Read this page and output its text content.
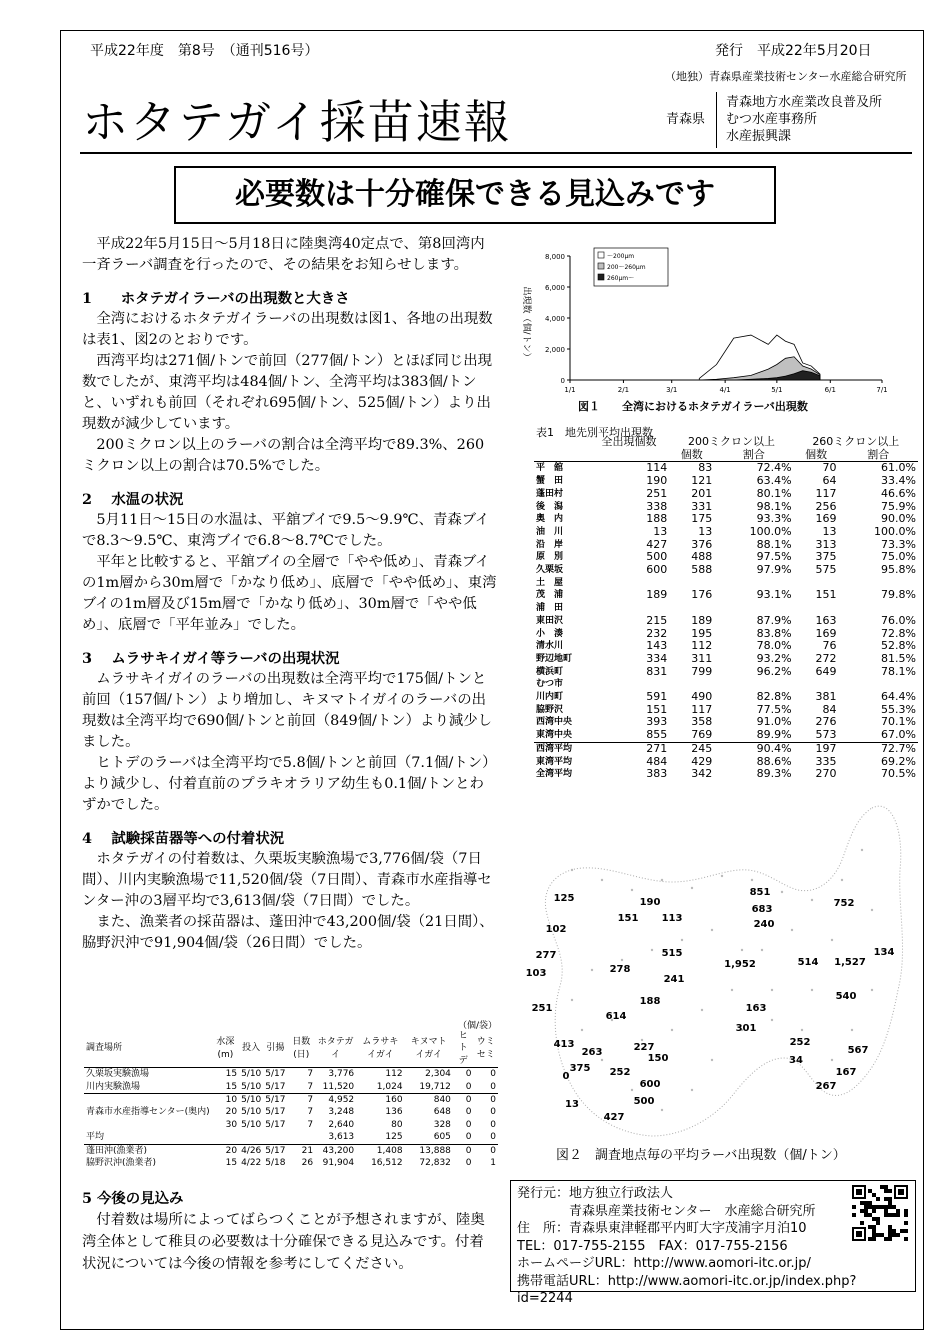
平成22年度　第8号　（通刊516号）	発行　平成22年5月20日
（地独）青森県産業技術センター水産総合研究所
ホタテガイ採苗速報	青森県
青森地方水産業改良普及所
むつ水産事務所
水産振興課
必要数は十分確保できる見込みです

平成22年5月15日～5月18日に陸奥湾40定点で、第8回湾内一斉ラーバ調査を行ったので、その結果をお知らせします。

1　　ホタテガイラーバの出現数と大きさ

全湾におけるホタテガイラーバの出現数は図1、各地の出現数は表1、図2のとおりです。

西湾平均は271個/トンで前回（277個/トン）とほぼ同じ出現数でしたが、東湾平均は484個/トン、全湾平均は383個/トンと、いずれも前回（それぞれ695個/トン、525個/トン）より出現数が減少しています。

200ミクロン以上のラーバの割合は全湾平均で89.3%、260ミクロン以上の割合は70.5%でした。

2　 水温の状況

5月11日～15日の水温は、平舘ブイで9.5～9.9℃、青森ブイで8.3～9.5℃、東湾ブイで6.8～8.7℃でした。

平年と比較すると、平舘ブイの全層で「やや低め」、青森ブイの1m層から30m層で「かなり低め」、底層で「やや低め」、東湾ブイの1m層及び15m層で「かなり低め」、30m層で「やや低め」、底層で「平年並み」でした。

3　 ムラサキイガイ等ラーバの出現状況

ムラサキイガイのラーバの出現数は全湾平均で175個/トンと前回（157個/トン）より増加し、キヌマトイガイのラーバの出現数は全湾平均で690個/トンと前回（849個/トン）より減少しました。

ヒトデのラーバは全湾平均で5.8個/トンと前回（7.1個/トン）より減少し、付着直前のプラキオラリア幼生も0.1個/トンとわずかでした。

4　 試験採苗器等への付着状況

ホタテガイの付着数は、久栗坂実験漁場で3,776個/袋（7日間）、川内実験漁場で11,520個/袋（7日間）、青森市水産指導センター沖の3層平均で3,613個/袋（7日間）でした。

また、漁業者の採苗器は、蓬田沖で43,200個/袋（21日間）、脇野沢沖で91,904個/袋（26日間）でした。

（個/袋）
調査場所	水深(m)	投入	引揚	日数(日)	ホタテガイ	ムラサキイガイ	キヌマトイガイ	ヒトデ	ウミセミ
久栗坂実験漁場	15	5/10	5/17	7	3,776	112	2,304	0	0
川内実験漁場	15	5/10	5/17	7	11,520	1,024	19,712	0	0
	10	5/10	5/17	7	4,952	160	840	0	0
青森市水産指導センター(奥内)	20	5/10	5/17	7	3,248	136	648	0	0
	30	5/10	5/17	7	2,640	80	328	0	0
平均					3,613	125	605	0	0
蓬田沖(漁業者)	20	4/26	5/17	21	43,200	1,408	13,888	0	0
脇野沢沖(漁業者)	15	4/22	5/18	26	91,904	16,512	72,832	0	1

5 今後の見込み

付着数は場所によってばらつくことが予想されますが、陸奥湾全体として稚貝の必要数は十分確保できる見込みです。付着状況については今後の情報を参考にしてください。

0
2,000
4,000
6,000
8,000
1/1	2/1	3/1	4/1	5/1	6/1	7/1
～200μm
200～260μm
260μm～
出現数（個/トン）
図１　　全湾におけるホタテガイラーバ出現数
表1　地先別平均出現数
	全出現個数	200ミクロン以上		260ミクロン以上	
		個数	割合	個数	割合
平　舘	114	83	72.4%	70	61.0%
蟹　田	190	121	63.4%	64	33.4%
蓬田村	251	201	80.1%	117	46.6%
後　潟	338	331	98.1%	256	75.9%
奥　内	188	175	93.3%	169	90.0%
油　川	13	13	100.0%	13	100.0%
沿　岸	427	376	88.1%	313	73.3%
原　別	500	488	97.5%	375	75.0%
久栗坂	600	588	97.9%	575	95.8%
土　屋					
茂　浦	189	176	93.1%	151	79.8%
浦　田					
東田沢	215	189	87.9%	163	76.0%
小　湊	232	195	83.8%	169	72.8%
清水川	143	112	78.0%	76	52.8%
野辺地町	334	311	93.2%	272	81.5%
横浜町	831	799	96.2%	649	78.1%
むつ市					
川内町	591	490	82.8%	381	64.4%
脇野沢	151	117	77.5%	84	55.3%
西湾中央	393	358	91.0%	276	70.1%
東湾中央	855	769	89.9%	573	67.0%
西湾平均	271	245	90.4%	197	72.7%
東湾平均	484	429	88.6%	335	69.2%
全湾平均	383	342	89.3%	270	70.5%
125
102
151
190
113
277
103	278
515
241
188
251
614
413
263	227
150
0
375 252
600
500
13
427
851
683
240
752
1,952	514 1,527
134
540
163
301
252
34
567
167
267
図２　調査地点毎の平均ラーバ出現数（個/トン）
発行元：地方独立行政法人
　　　　青森県産業技術センター　水産総合研究所
住　所：青森県東津軽郡平内町大字茂浦字月泊10
TEL：017-755-2155　FAX：017-755-2156
ホームページURL：http://www.aomori-itc.or.jp/
携帯電話URL：http://www.aomori-itc.or.jp/index.php?id=2244
